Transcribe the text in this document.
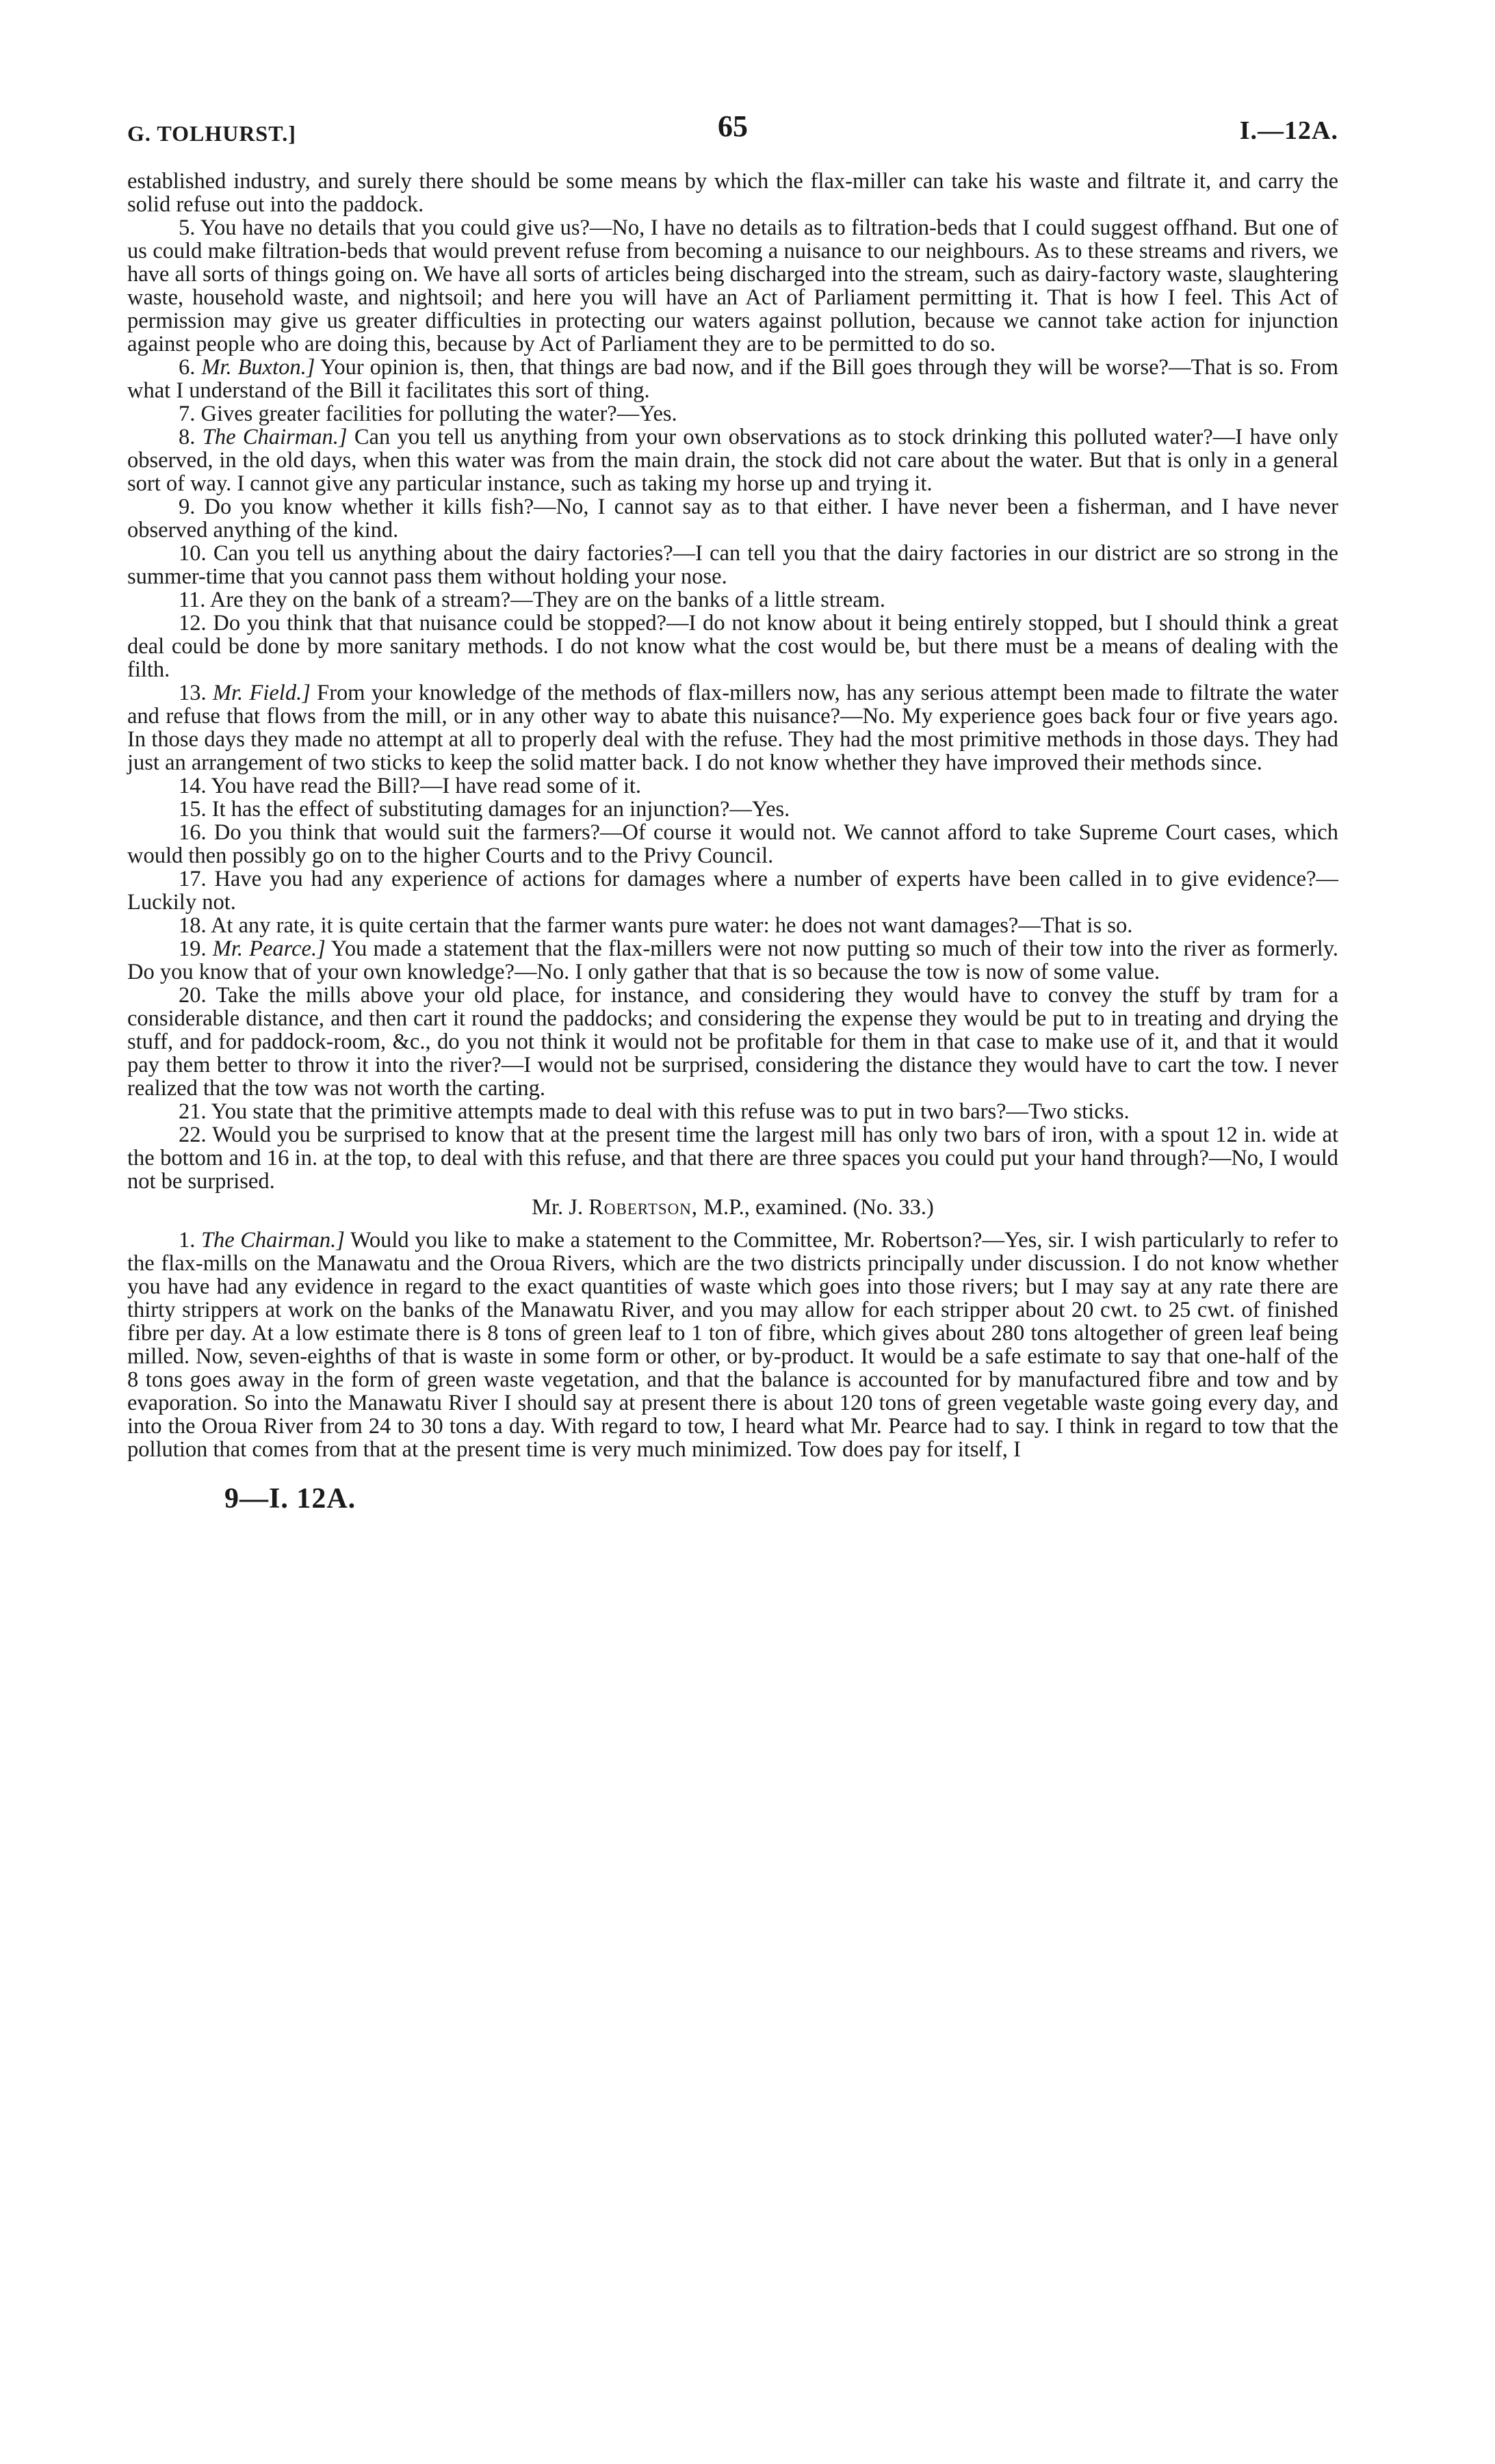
G. TOLHURST.]	65	I.—12A.

established industry, and surely there should be some means by which the flax-miller can take his waste and filtrate it, and carry the solid refuse out into the paddock.

5. You have no details that you could give us?—No, I have no details as to filtration-beds that I could suggest offhand. But one of us could make filtration-beds that would prevent refuse from becoming a nuisance to our neighbours. As to these streams and rivers, we have all sorts of things going on. We have all sorts of articles being discharged into the stream, such as dairy-factory waste, slaughtering waste, household waste, and nightsoil; and here you will have an Act of Parliament permitting it. That is how I feel. This Act of permission may give us greater difficulties in protecting our waters against pollution, because we cannot take action for injunction against people who are doing this, because by Act of Parliament they are to be permitted to do so.

6. Mr. Buxton.] Your opinion is, then, that things are bad now, and if the Bill goes through they will be worse?—That is so. From what I understand of the Bill it facilitates this sort of thing.

7. Gives greater facilities for polluting the water?—Yes.

8. The Chairman.] Can you tell us anything from your own observations as to stock drinking this polluted water?—I have only observed, in the old days, when this water was from the main drain, the stock did not care about the water. But that is only in a general sort of way. I cannot give any particular instance, such as taking my horse up and trying it.

9. Do you know whether it kills fish?—No, I cannot say as to that either. I have never been a fisherman, and I have never observed anything of the kind.

10. Can you tell us anything about the dairy factories?—I can tell you that the dairy factories in our district are so strong in the summer-time that you cannot pass them without holding your nose.

11. Are they on the bank of a stream?—They are on the banks of a little stream.

12. Do you think that that nuisance could be stopped?—I do not know about it being entirely stopped, but I should think a great deal could be done by more sanitary methods. I do not know what the cost would be, but there must be a means of dealing with the filth.

13. Mr. Field.] From your knowledge of the methods of flax-millers now, has any serious attempt been made to filtrate the water and refuse that flows from the mill, or in any other way to abate this nuisance?—No. My experience goes back four or five years ago. In those days they made no attempt at all to properly deal with the refuse. They had the most primitive methods in those days. They had just an arrangement of two sticks to keep the solid matter back. I do not know whether they have improved their methods since.

14. You have read the Bill?—I have read some of it.

15. It has the effect of substituting damages for an injunction?—Yes.

16. Do you think that would suit the farmers?—Of course it would not. We cannot afford to take Supreme Court cases, which would then possibly go on to the higher Courts and to the Privy Council.

17. Have you had any experience of actions for damages where a number of experts have been called in to give evidence?—Luckily not.

18. At any rate, it is quite certain that the farmer wants pure water: he does not want damages?—That is so.

19. Mr. Pearce.] You made a statement that the flax-millers were not now putting so much of their tow into the river as formerly. Do you know that of your own knowledge?—No. I only gather that that is so because the tow is now of some value.

20. Take the mills above your old place, for instance, and considering they would have to convey the stuff by tram for a considerable distance, and then cart it round the paddocks; and considering the expense they would be put to in treating and drying the stuff, and for paddock-room, &c., do you not think it would not be profitable for them in that case to make use of it, and that it would pay them better to throw it into the river?—I would not be surprised, considering the distance they would have to cart the tow. I never realized that the tow was not worth the carting.

21. You state that the primitive attempts made to deal with this refuse was to put in two bars?—Two sticks.

22. Would you be surprised to know that at the present time the largest mill has only two bars of iron, with a spout 12 in. wide at the bottom and 16 in. at the top, to deal with this refuse, and that there are three spaces you could put your hand through?—No, I would not be surprised.

Mr. J. Robertson, M.P., examined. (No. 33.)

1. The Chairman.] Would you like to make a statement to the Committee, Mr. Robertson?—Yes, sir. I wish particularly to refer to the flax-mills on the Manawatu and the Oroua Rivers, which are the two districts principally under discussion. I do not know whether you have had any evidence in regard to the exact quantities of waste which goes into those rivers; but I may say at any rate there are thirty strippers at work on the banks of the Manawatu River, and you may allow for each stripper about 20 cwt. to 25 cwt. of finished fibre per day. At a low estimate there is 8 tons of green leaf to 1 ton of fibre, which gives about 280 tons altogether of green leaf being milled. Now, seven-eighths of that is waste in some form or other, or by-product. It would be a safe estimate to say that one-half of the 8 tons goes away in the form of green waste vegetation, and that the balance is accounted for by manufactured fibre and tow and by evaporation. So into the Manawatu River I should say at present there is about 120 tons of green vegetable waste going every day, and into the Oroua River from 24 to 30 tons a day. With regard to tow, I heard what Mr. Pearce had to say. I think in regard to tow that the pollution that comes from that at the present time is very much minimized. Tow does pay for itself, I

9—I. 12A.
